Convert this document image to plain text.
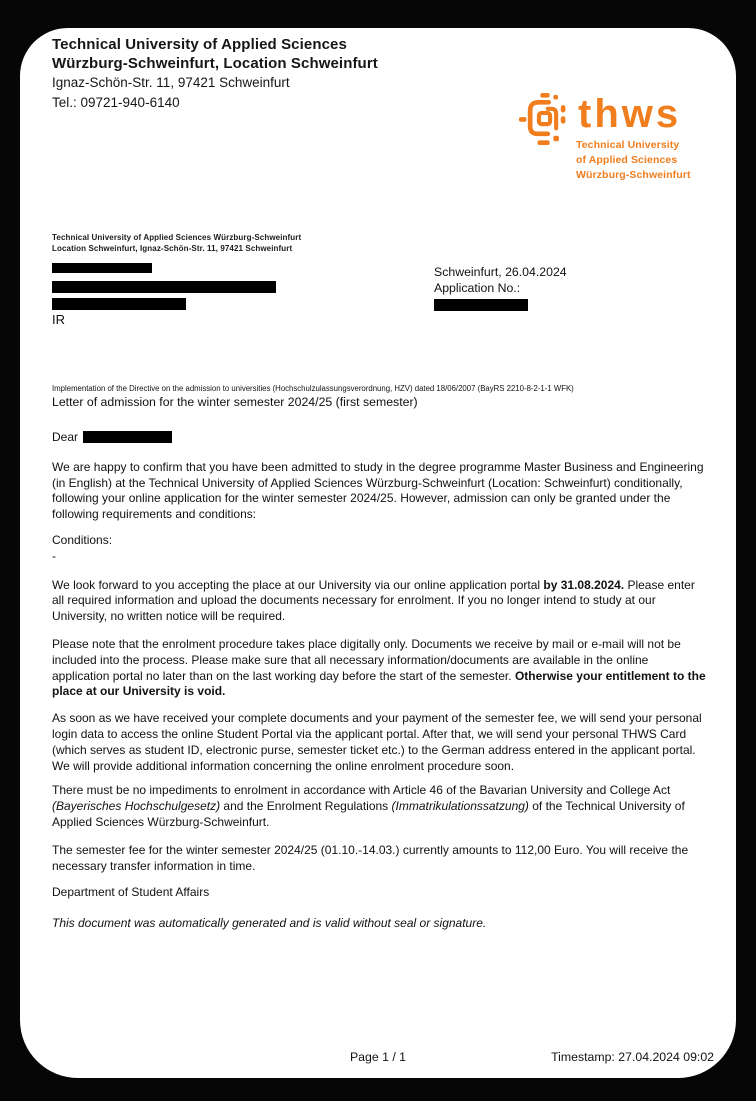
Technical University of Applied Sciences
Würzburg-Schweinfurt, Location Schweinfurt
Ignaz-Schön-Str. 11, 97421 Schweinfurt
Tel.: 09721-940-6140	thws
Technical University
of Applied Sciences
Würzburg-Schweinfurt
Technical University of Applied Sciences Würzburg-Schweinfurt
Location Schweinfurt, Ignaz-Schön-Str. 11, 97421 Schweinfurt
IR
Schweinfurt, 26.04.2024
Application No.:
Implementation of the Directive on the admission to universities (Hochschulzulassungsverordnung, HZV) dated 18/06/2007 (BayRS 2210-8-2-1-1 WFK)
Letter of admission for the winter semester 2024/25 (first semester)

Dear

We are happy to confirm that you have been admitted to study in the degree programme Master Business and Engineering (in English) at the Technical University of Applied Sciences Würzburg-Schweinfurt (Location: Schweinfurt) conditionally, following your online application for the winter semester 2024/25. However, admission can only be granted under the following requirements and conditions:

Conditions:
-

We look forward to you accepting the place at our University via our online application portal by 31.08.2024. Please enter all required information and upload the documents necessary for enrolment. If you no longer intend to study at our University, no written notice will be required.

Please note that the enrolment procedure takes place digitally only. Documents we receive by mail or e-mail will not be included into the process. Please make sure that all necessary information/documents are available in the online application portal no later than on the last working day before the start of the semester. Otherwise your entitlement to the place at our University is void.

As soon as we have received your complete documents and your payment of the semester fee, we will send your personal login data to access the online Student Portal via the applicant portal. After that, we will send your personal THWS Card (which serves as student ID, electronic purse, semester ticket etc.) to the German address entered in the applicant portal. We will provide additional information concerning the online enrolment procedure soon.

There must be no impediments to enrolment in accordance with Article 46 of the Bavarian University and College Act (Bayerisches Hochschulgesetz) and the Enrolment Regulations (Immatrikulationssatzung) of the Technical University of Applied Sciences Würzburg-Schweinfurt.

The semester fee for the winter semester 2024/25 (01.10.-14.03.) currently amounts to 112,00 Euro. You will receive the necessary transfer information in time.

Department of Student Affairs

This document was automatically generated and is valid without seal or signature.

Page 1 / 1	Timestamp: 27.04.2024 09:02
